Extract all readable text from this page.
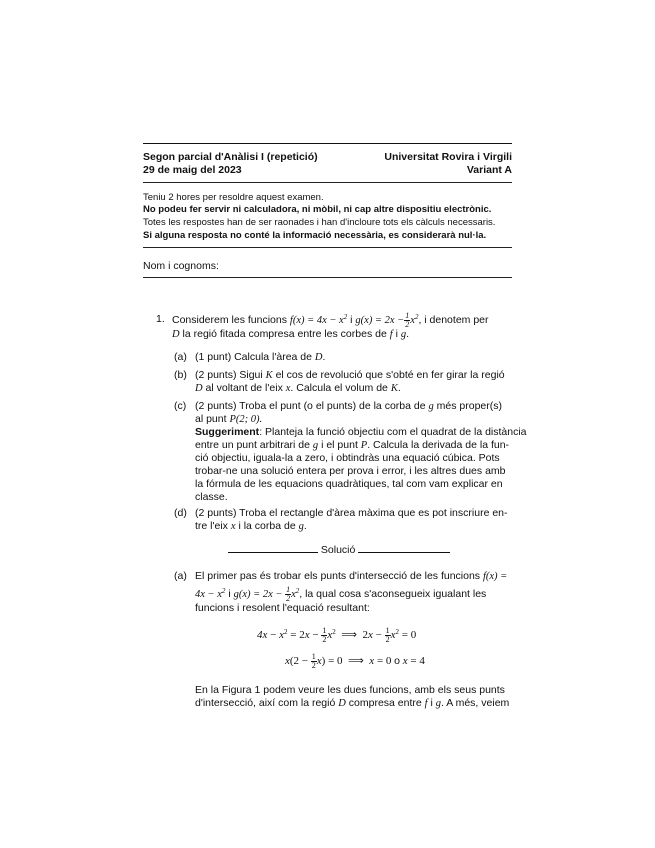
Segon parcial d'Anàlisi I (repetició)
29 de maig del 2023
Universitat Rovira i Virgili
Variant A
Teniu 2 hores per resoldre aquest examen.
No podeu fer servir ni calculadora, ni mòbil, ni cap altre dispositiu electrònic.
Totes les respostes han de ser raonades i han d'incloure tots els càlculs necessaris.
Si alguna resposta no conté la informació necessària, es considerarà nul·la.
Nom i cognoms:
1. Considerem les funcions $f(x) = 4x - x^2$ i $g(x) = 2x - \frac{1}{2} x^2$, i denotem per
D la regió fitada compresa entre les corbes de f i g.
(a) (1 punt) Calcula l'àrea de D.
(b) (2 punts) Sigui K el cos de revolució que s'obté en fer girar la regió
D al voltant de l'eix x. Calcula el volum de K.
(c) (2 punts) Troba el punt (o el punts) de la corba de g més proper(s)
al punt P(2; 0).
Suggeriment: Planteja la funció objectiu com el quadrat de la distància
entre un punt arbitrari de g i el punt P. Calcula la derivada de la fun-
ció objectiu, iguala-la a zero, i obtindràs una equació cúbica. Pots
trobar-ne una solució entera per prova i error, i les altres dues amb
la fórmula de les equacions quadràtiques, tal com vam explicar en
classe.
(d) (2 punts) Troba el rectangle d'àrea màxima que es pot inscriure en-
tre l'eix x i la corba de g.
Solució
(a) El primer pas és trobar els punts d'intersecció de les funcions f(x) =
$4x - x^2$ i $g(x) = 2x - \frac{1}{2} x^2$, la qual cosa s'aconsegueix igualant les
funcions i resolent l'equació resultant:
$4x - x^2 = 2x - \frac{1}{2} x^2$  ⟹  $2x - \frac{1}{2} x^2 = 0$
$x(2 - \frac{1}{2} x) = 0$  ⟹  x = 0 o x = 4
En la Figura 1 podem veure les dues funcions, amb els seus punts
d'intersecció, així com la regió D compresa entre f i g. A més, veiem
